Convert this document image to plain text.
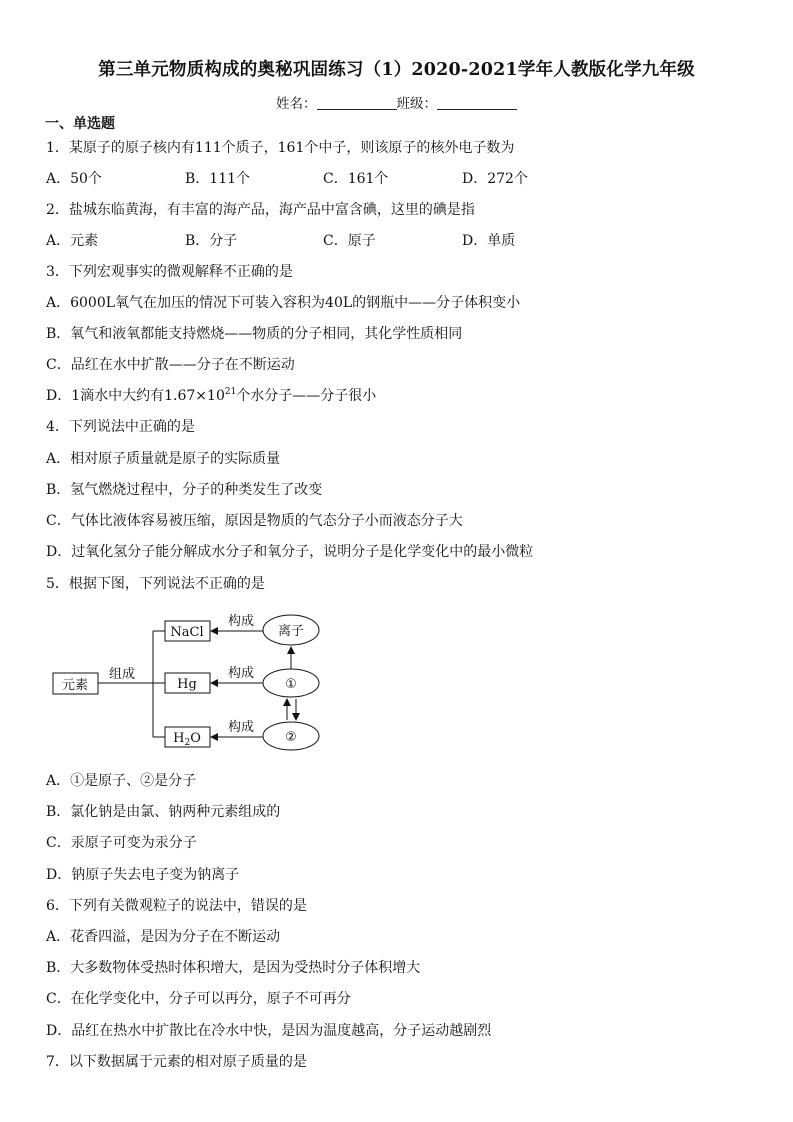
第三单元物质构成的奥秘巩固练习（1）2020-2021学年人教版化学九年级
姓名：	班级：
一、单选题
1．某原子的原子核内有111个质子，161个中子，则该原子的核外电子数为
A．50个	B．111个	C．161个	D．272个
2．盐城东临黄海，有丰富的海产品，海产品中富含碘，这里的碘是指
A．元素	B．分子	C．原子	D．单质
3．下列宏观事实的微观解释不正确的是
A．6000L氧气在加压的情况下可装入容积为40L的钢瓶中——分子体积变小
B．氧气和液氧都能支持燃烧——物质的分子相同，其化学性质相同
C．品红在水中扩散——分子在不断运动
D．1滴水中大约有$1.67\times 10^{21}$个水分子——分子很小
4．下列说法中正确的是
A．相对原子质量就是原子的实际质量
B．氢气燃烧过程中，分子的种类发生了改变
C．气体比液体容易被压缩，原因是物质的气态分子小而液态分子大
D．过氧化氢分子能分解成水分子和氧分子，说明分子是化学变化中的最小微粒
5．根据下图，下列说法不正确的是
元素
组成
NaCl
Hg
$H_2O$
构成
构成
构成
离子
①
②
A．①是原子、②是分子
B．氯化钠是由氯、钠两种元素组成的
C．汞原子可变为汞分子
D．钠原子失去电子变为钠离子
6．下列有关微观粒子的说法中，错误的是
A．花香四溢，是因为分子在不断运动
B．大多数物体受热时体积增大，是因为受热时分子体积增大
C．在化学变化中，分子可以再分，原子不可再分
D．品红在热水中扩散比在冷水中快，是因为温度越高，分子运动越剧烈
7．以下数据属于元素的相对原子质量的是
